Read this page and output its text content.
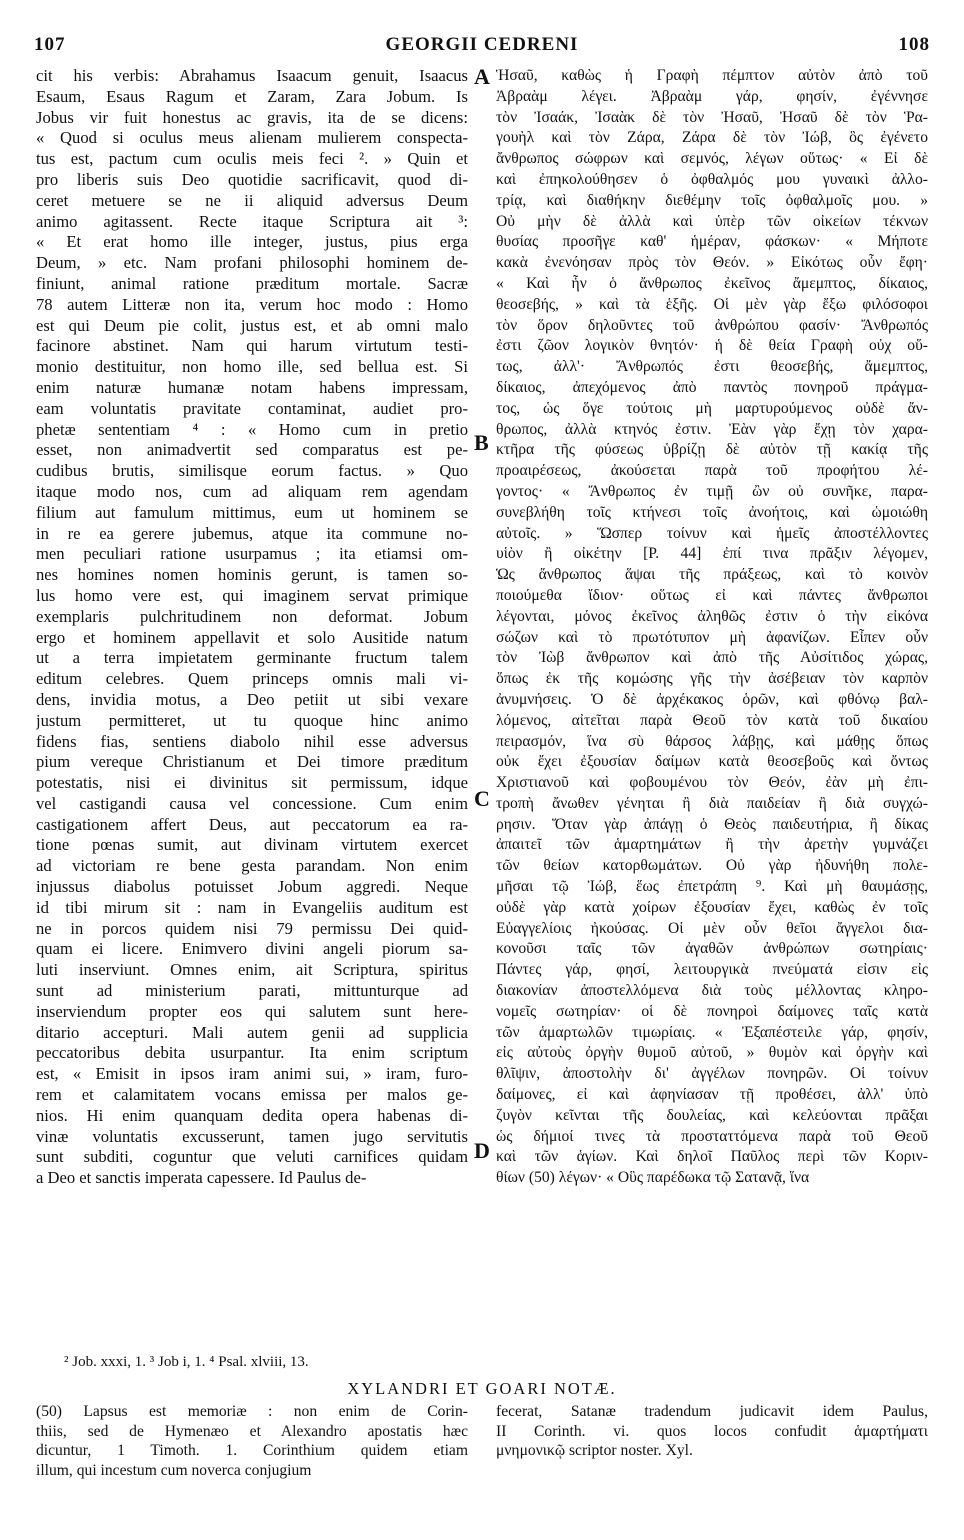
107	GEORGII CEDRENI	108
cit his verbis: Abrahamus Isaacum genuit, Isaacus
Esaum, Esaus Ragum et Zaram, Zara Jobum. Is
Jobus vir fuit honestus ac gravis, ita de se dicens:
« Quod si oculus meus alienam mulierem conspecta-
tus est, pactum cum oculis meis feci ². » Quin et
pro liberis suis Deo quotidie sacrificavit, quod di-
ceret metuere se ne ii aliquid adversus Deum
animo agitassent. Recte itaque Scriptura ait ³:
« Et erat homo ille integer, justus, pius erga
Deum, » etc. Nam profani philosophi hominem de-
finiunt, animal ratione præditum mortale. Sacræ
78 autem Litteræ non ita, verum hoc modo : Homo
est qui Deum pie colit, justus est, et ab omni malo
facinore abstinet. Nam qui harum virtutum testi-
monio destituitur, non homo ille, sed bellua est. Si
enim naturæ humanæ notam habens impressam,
eam voluntatis pravitate contaminat, audiet pro-
phetæ sententiam ⁴ : « Homo cum in pretio
esset, non animadvertit sed comparatus est pe-
cudibus brutis, similisque eorum factus. » Quo
itaque modo nos, cum ad aliquam rem agendam
filium aut famulum mittimus, eum ut hominem se
in re ea gerere jubemus, atque ita commune no-
men peculiari ratione usurpamus ; ita etiamsi om-
nes homines nomen hominis gerunt, is tamen so-
lus homo vere est, qui imaginem servat primique
exemplaris pulchritudinem non deformat. Jobum
ergo et hominem appellavit et solo Ausitide natum
ut a terra impietatem germinante fructum talem
editum celebres. Quem princeps omnis mali vi-
dens, invidia motus, a Deo petiit ut sibi vexare
justum permitteret, ut tu quoque hinc animo
fidens fias, sentiens diabolo nihil esse adversus
pium vereque Christianum et Dei timore præditum
potestatis, nisi ei divinitus sit permissum, idque
vel castigandi causa vel concessione. Cum enim
castigationem affert Deus, aut peccatorum ea ra-
tione pœnas sumit, aut divinam virtutem exercet
ad victoriam re bene gesta parandam. Non enim
injussus diabolus potuisset Jobum aggredi. Neque
id tibi mirum sit : nam in Evangeliis auditum est
ne in porcos quidem nisi 79 permissu Dei quid-
quam ei licere. Enimvero divini angeli piorum sa-
luti inserviunt. Omnes enim, ait Scriptura, spiritus
sunt ad ministerium parati, mittunturque ad
inserviendum propter eos qui salutem sunt here-
ditario accepturi. Mali autem genii ad supplicia
peccatoribus debita usurpantur. Ita enim scriptum
est, « Emisit in ipsos iram animi sui, » iram, furo-
rem et calamitatem vocans emissa per malos ge-
nios. Hi enim quanquam dedita opera habenas di-
vinæ voluntatis excusserunt, tamen jugo servitutis
sunt subditi, coguntur que veluti carnifices quidam
a Deo et sanctis imperata capessere. Id Paulus de-
Ἡσαῦ, καθὼς ἡ Γραφὴ πέμπτον αὐτὸν ἀπὸ τοῦ
Ἀβραὰμ λέγει. Ἀβραὰμ γάρ, φησίν, ἐγέννησε
τὸν Ἰσαάκ, Ἰσαὰκ δὲ τὸν Ἠσαῦ, Ἠσαῦ δὲ τὸν Ῥα-
γουὴλ καὶ τὸν Ζάρα, Ζάρα δὲ τὸν Ἰώβ, ὃς ἐγένετο
ἄνθρωπος σώφρων καὶ σεμνός, λέγων οὕτως· « Εἰ δὲ
καὶ ἐπηκολούθησεν ὁ ὀφθαλμός μου γυναικὶ ἀλλο-
τρίᾳ, καὶ διαθήκην διεθέμην τοῖς ὀφθαλμοῖς μου. »
Οὐ μὴν δὲ ἀλλὰ καὶ ὑπὲρ τῶν οἰκείων τέκνων
θυσίας προσῆγε καθ' ἡμέραν, φάσκων· « Μήποτε
κακὰ ἐνενόησαν πρὸς τὸν Θεόν. » Εἰκότως οὖν ἔφη·
« Καὶ ἦν ὁ ἄνθρωπος ἐκεῖνος ἄμεμπτος, δίκαιος,
θεοσεβής, » καὶ τὰ ἑξῆς. Οἱ μὲν γὰρ ἔξω φιλόσοφοι
τὸν ὅρον δηλοῦντες τοῦ ἀνθρώπου φασίν· Ἄνθρωπός
ἐστι ζῶον λογικὸν θνητόν· ἡ δὲ θεία Γραφὴ οὐχ οὕ-
τως, ἀλλ'· Ἄνθρωπός ἐστι θεοσεβής, ἄμεμπτος,
δίκαιος, ἀπεχόμενος ἀπὸ παντὸς πονηροῦ πράγμα-
τος, ὡς ὅγε τούτοις μὴ μαρτυρούμενος οὐδὲ ἄν-
θρωπος, ἀλλὰ κτηνός ἐστιν. Ἐὰν γὰρ ἔχῃ τὸν χαρα-
κτῆρα τῆς φύσεως ὑβρίζῃ δὲ αὐτὸν τῇ κακίᾳ τῆς
προαιρέσεως, ἀκούσεται παρὰ τοῦ προφήτου λέ-
γοντος· « Ἄνθρωπος ἐν τιμῇ ὢν οὐ συνῆκε, παρα-
συνεβλήθη τοῖς κτήνεσι τοῖς ἀνοήτοις, καὶ ὡμοιώθη
αὐτοῖς. » Ὥσπερ τοίνυν καὶ ἡμεῖς ἀποστέλλοντες
υἱὸν ἢ οἰκέτην [P. 44] ἐπί τινα πρᾶξιν λέγομεν,
Ὡς ἄνθρωπος ἅψαι τῆς πράξεως, καὶ τὸ κοινὸν
ποιούμεθα ἴδιον· οὕτως εἰ καὶ πάντες ἄνθρωποι
λέγονται, μόνος ἐκεῖνος ἀληθῶς ἐστιν ὁ τὴν εἰκόνα
σώζων καὶ τὸ πρωτότυπον μὴ ἀφανίζων. Εἶπεν οὖν
τὸν Ἰὼβ ἄνθρωπον καὶ ἀπὸ τῆς Αὐσίτιδος χώρας,
ὅπως ἐκ τῆς κομώσης γῆς τὴν ἀσέβειαν τὸν καρπὸν
ἀνυμνήσεις. Ὁ δὲ ἀρχέκακος ὁρῶν, καὶ φθόνῳ βαλ-
λόμενος, αἰτεῖται παρὰ Θεοῦ τὸν κατὰ τοῦ δικαίου
πειρασμόν, ἵνα σὺ θάρσος λάβῃς, καὶ μάθῃς ὅπως
οὐκ ἔχει ἐξουσίαν δαίμων κατὰ θεοσεβοῦς καὶ ὄντως
Χριστιανοῦ καὶ φοβουμένου τὸν Θεόν, ἐὰν μὴ ἐπι-
τροπὴ ἄνωθεν γένηται ἢ διὰ παιδείαν ἢ διὰ συγχώ-
ρησιν. Ὅταν γὰρ ἀπάγῃ ὁ Θεὸς παιδευτήρια, ἢ δίκας
ἀπαιτεῖ τῶν ἁμαρτημάτων ἢ τὴν ἀρετὴν γυμνάζει
τῶν θείων κατορθωμάτων. Οὐ γὰρ ἠδυνήθη πολε-
μῆσαι τῷ Ἰώβ, ἕως ἐπετράπη ⁹. Καὶ μὴ θαυμάσῃς,
οὐδὲ γὰρ κατὰ χοίρων ἐξουσίαν ἔχει, καθὼς ἐν τοῖς
Εὐαγγελίοις ἠκούσας. Οἱ μὲν οὖν θεῖοι ἄγγελοι δια-
κονοῦσι ταῖς τῶν ἀγαθῶν ἀνθρώπων σωτηρίαις·
Πάντες γάρ, φησί, λειτουργικὰ πνεύματά εἰσιν εἰς
διακονίαν ἀποστελλόμενα διὰ τοὺς μέλλοντας κληρο-
νομεῖς σωτηρίαν· οἱ δὲ πονηροὶ δαίμονες ταῖς κατὰ
τῶν ἁμαρτωλῶν τιμωρίαις. « Ἐξαπέστειλε γάρ, φησίν,
εἰς αὐτοὺς ὀργὴν θυμοῦ αὐτοῦ, » θυμὸν καὶ ὀργὴν καὶ
θλῖψιν, ἀποστολὴν δι' ἀγγέλων πονηρῶν. Οἱ τοίνυν
δαίμονες, εἰ καὶ ἀφηνίασαν τῇ προθέσει, ἀλλ' ὑπὸ
ζυγὸν κεῖνται τῆς δουλείας, καὶ κελεύονται πρᾶξαι
ὡς δήμιοί τινες τὰ προσταττόμενα παρὰ τοῦ Θεοῦ
καὶ τῶν ἁγίων. Καὶ δηλοῖ Παῦλος περὶ τῶν Κοριν-
θίων (50) λέγων· « Οὓς παρέδωκα τῷ Σατανᾷ, ἵνα
A
B
C
D
² Job. xxxi, 1. ³ Job i, 1. ⁴ Psal. xlviii, 13.
XYLANDRI ET GOARI NOTÆ.
(50) Lapsus est memoriæ : non enim de Corin-
thiis, sed de Hymenæo et Alexandro apostatis hæc
dicuntur, 1 Timoth. 1. Corinthium quidem etiam
illum, qui incestum cum noverca conjugium
fecerat, Satanæ tradendum judicavit idem Paulus,
II Corinth. vi. quos locos confudit ἁμαρτήματι
μνημονικῷ scriptor noster. Xyl.
